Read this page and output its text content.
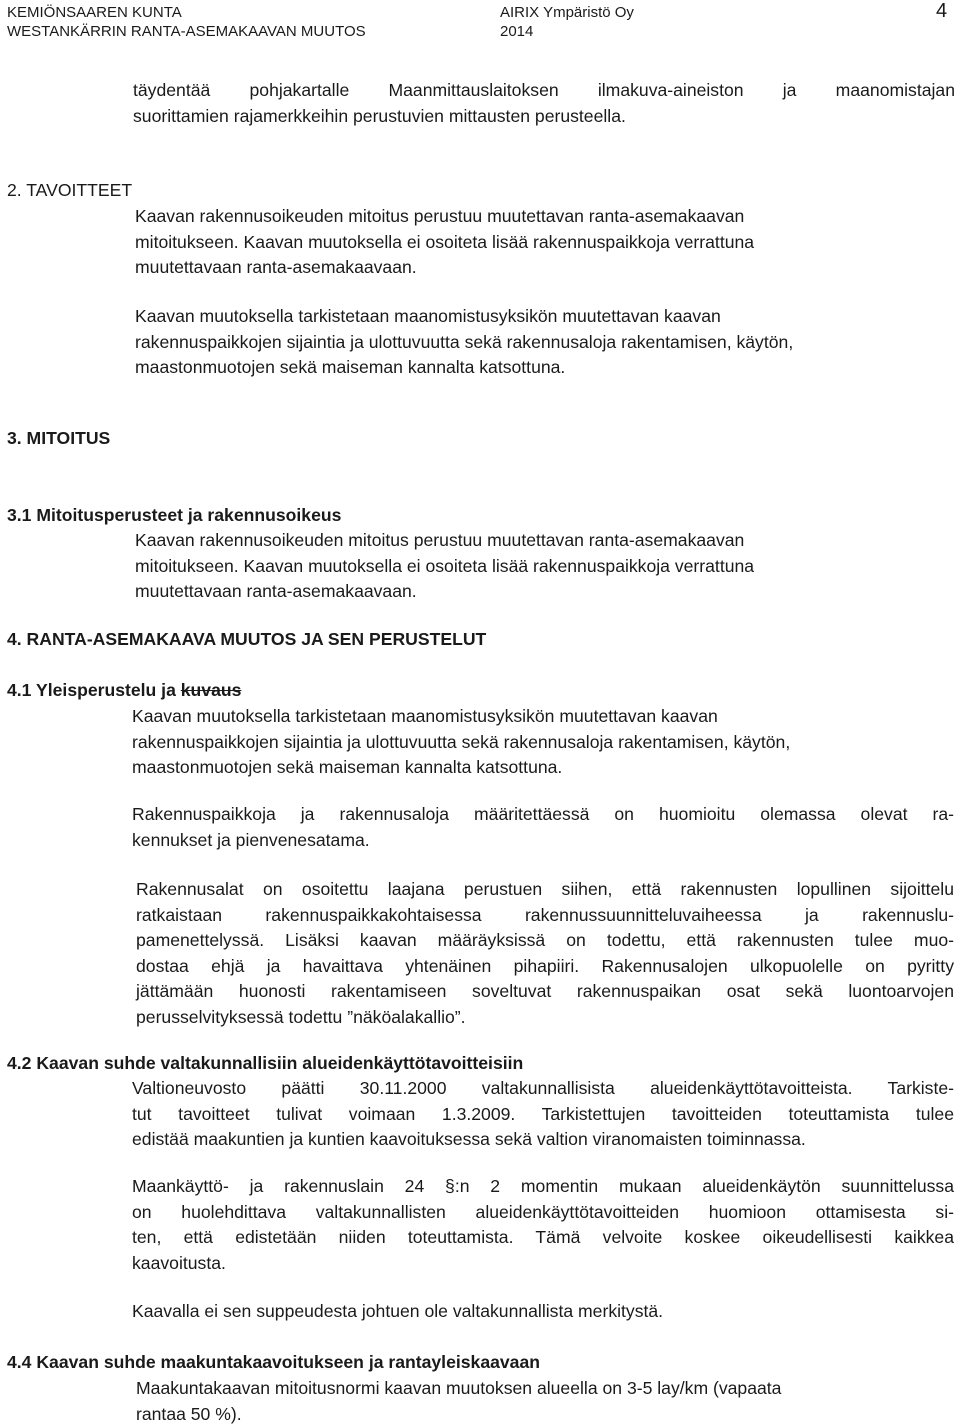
KEMIÖNSAAREN KUNTA
WESTANKÄRRIN RANTA-ASEMAKAAVAN MUUTOS
AIRIX Ympäristö Oy
2014
4
täydentää pohjakartalle Maanmittauslaitoksen ilmakuva-aineiston ja maanomistajan
suorittamien rajamerkkeihin perustuvien mittausten perusteella.
2. TAVOITTEET
Kaavan rakennusoikeuden mitoitus perustuu muutettavan ranta-asemakaavan
mitoitukseen. Kaavan muutoksella ei osoiteta lisää rakennuspaikkoja verrattuna
muutettavaan ranta-asemakaavaan.
Kaavan muutoksella tarkistetaan maanomistusyksikön muutettavan kaavan
rakennuspaikkojen sijaintia ja ulottuvuutta sekä rakennusaloja rakentamisen, käytön,
maastonmuotojen sekä maiseman kannalta katsottuna.
3. MITOITUS
3.1 Mitoitusperusteet ja rakennusoikeus
Kaavan rakennusoikeuden mitoitus perustuu muutettavan ranta-asemakaavan
mitoitukseen. Kaavan muutoksella ei osoiteta lisää rakennuspaikkoja verrattuna
muutettavaan ranta-asemakaavaan.
4. RANTA-ASEMAKAAVA MUUTOS JA SEN PERUSTELUT
4.1 Yleisperustelu ja kuvaus
Kaavan muutoksella tarkistetaan maanomistusyksikön muutettavan kaavan
rakennuspaikkojen sijaintia ja ulottuvuutta sekä rakennusaloja rakentamisen, käytön,
maastonmuotojen sekä maiseman kannalta katsottuna.
Rakennuspaikkoja ja rakennusaloja määritettäessä on huomioitu olemassa olevat ra-
kennukset ja pienvenesatama.
Rakennusalat on osoitettu laajana perustuen siihen, että rakennusten lopullinen sijoittelu
ratkaistaan rakennuspaikkakohtaisessa rakennussuunnitteluvaiheessa ja rakennuslu-
pamenettelyssä. Lisäksi kaavan määräyksissä on todettu, että rakennusten tulee muo-
dostaa ehjä ja havaittava yhtenäinen pihapiiri. Rakennusalojen ulkopuolelle on pyritty
jättämään huonosti rakentamiseen soveltuvat rakennuspaikan osat sekä luontoarvojen
perusselvityksessä todettu ”näköalakallio”.
4.2 Kaavan suhde valtakunnallisiin alueidenkäyttötavoitteisiin
Valtioneuvosto päätti 30.11.2000 valtakunnallisista alueidenkäyttötavoitteista. Tarkiste-
tut tavoitteet tulivat voimaan 1.3.2009. Tarkistettujen tavoitteiden toteuttamista tulee
edistää maakuntien ja kuntien kaavoituksessa sekä valtion viranomaisten toiminnassa.
Maankäyttö- ja rakennuslain 24 §:n 2 momentin mukaan alueidenkäytön suunnittelussa
on huolehdittava valtakunnallisten alueidenkäyttötavoitteiden huomioon ottamisesta si-
ten, että edistetään niiden toteuttamista. Tämä velvoite koskee oikeudellisesti kaikkea
kaavoitusta.
Kaavalla ei sen suppeudesta johtuen ole valtakunnallista merkitystä.
4.4 Kaavan suhde maakuntakaavoitukseen ja rantayleiskaavaan
Maakuntakaavan mitoitusnormi kaavan muutoksen alueella on 3-5 lay/km (vapaata
rantaa 50 %).
